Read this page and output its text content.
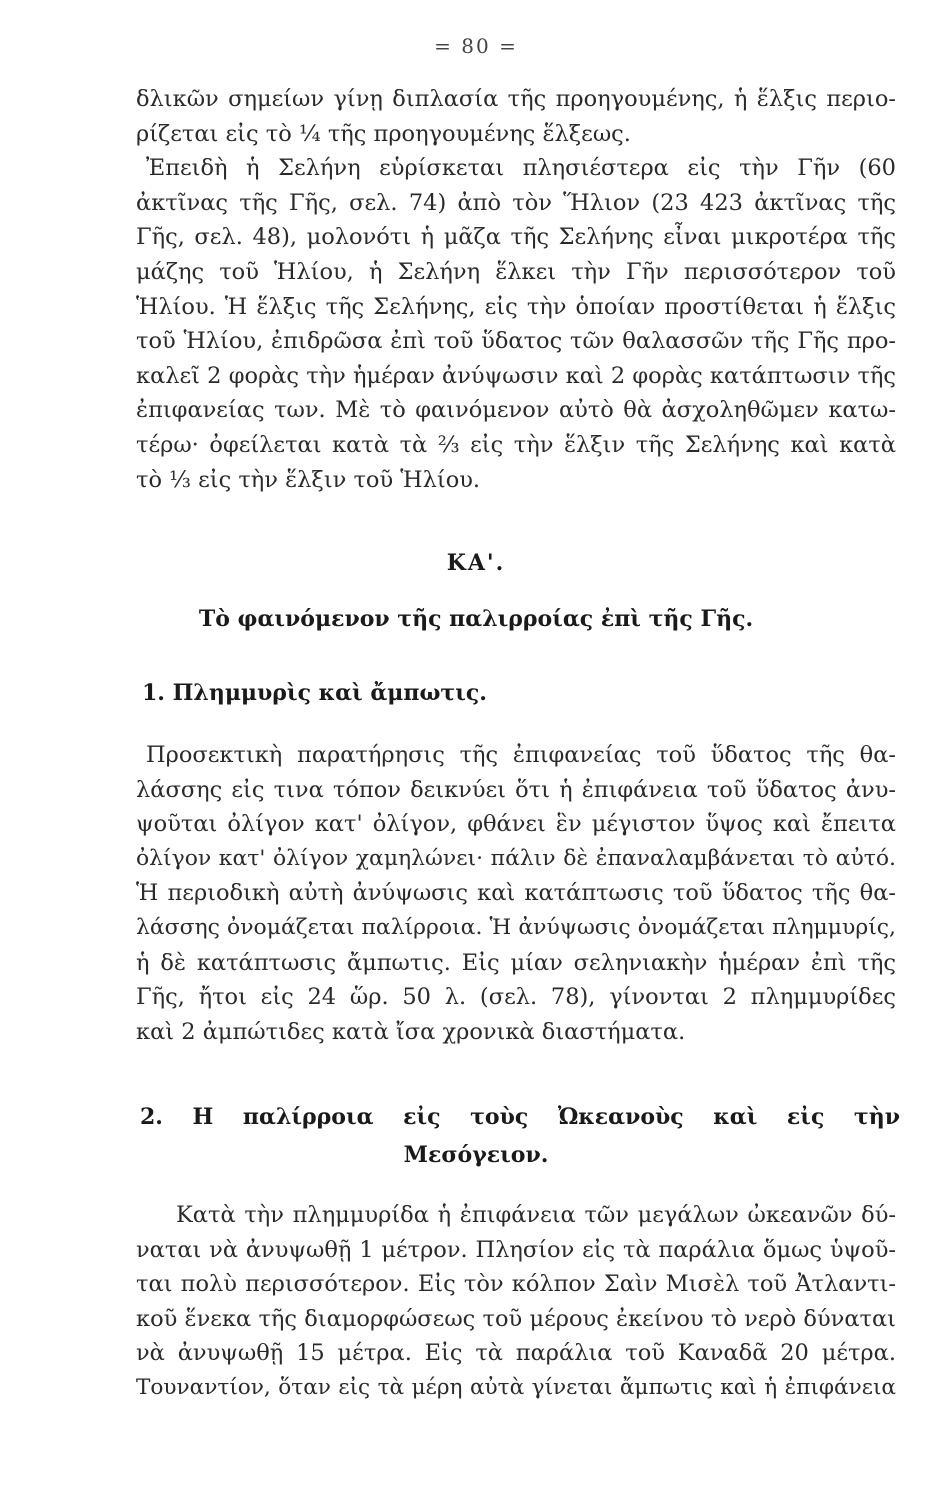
= 80 =
δλικῶν σημείων γίνῃ διπλασία τῆς προηγουμένης, ἡ ἕλξις περιο-
ρίζεται εἰς τὸ ¼ τῆς προηγουμένης ἕλξεως.
Ἐπειδὴ ἡ Σελήνη εὑρίσκεται πλησιέστερα εἰς τὴν Γῆν (60
ἀκτῖνας τῆς Γῆς, σελ. 74) ἀπὸ τὸν Ἥλιον (23 423 ἀκτῖνας τῆς
Γῆς, σελ. 48), μολονότι ἡ μᾶζα τῆς Σελήνης εἶναι μικροτέρα τῆς
μάζης τοῦ Ἡλίου, ἡ Σελήνη ἕλκει τὴν Γῆν περισσότερον τοῦ
Ἡλίου. Ἡ ἕλξις τῆς Σελήνης, εἰς τὴν ὁποίαν προστίθεται ἡ ἕλξις
τοῦ Ἡλίου, ἐπιδρῶσα ἐπὶ τοῦ ὕδατος τῶν θαλασσῶν τῆς Γῆς προ-
καλεῖ 2 φορὰς τὴν ἡμέραν ἀνύψωσιν καὶ 2 φορὰς κατάπτωσιν τῆς
ἐπιφανείας των. Μὲ τὸ φαινόμενον αὐτὸ θὰ ἀσχοληθῶμεν κατω-
τέρω· ὀφείλεται κατὰ τὰ ⅔ εἰς τὴν ἕλξιν τῆς Σελήνης καὶ κατὰ
τὸ ⅓ εἰς τὴν ἕλξιν τοῦ Ἡλίου.
ΚΑ'.
Τὸ φαινόμενον τῆς παλιρροίας ἐπὶ τῆς Γῆς.
1. Πλημμυρὶς καὶ ἄμπωτις.
Προσεκτικὴ παρατήρησις τῆς ἐπιφανείας τοῦ ὕδατος τῆς θα-
λάσσης εἰς τινα τόπον δεικνύει ὅτι ἡ ἐπιφάνεια τοῦ ὕδατος ἀνυ-
ψοῦται ὀλίγον κατ' ὀλίγον, φθάνει ἓν μέγιστον ὕψος καὶ ἔπειτα
ὀλίγον κατ' ὀλίγον χαμηλώνει· πάλιν δὲ ἐπαναλαμβάνεται τὸ αὐτό.
Ἡ περιοδικὴ αὐτὴ ἀνύψωσις καὶ κατάπτωσις τοῦ ὕδατος τῆς θα-
λάσσης ὀνομάζεται παλίρροια. Ἡ ἀνύψωσις ὀνομάζεται πλημμυρίς,
ἡ δὲ κατάπτωσις ἄμπωτις. Εἰς μίαν σεληνιακὴν ἡμέραν ἐπὶ τῆς
Γῆς, ἤτοι εἰς 24 ὥρ. 50 λ. (σελ. 78), γίνονται 2 πλημμυρίδες
καὶ 2 ἀμπώτιδες κατὰ ἴσα χρονικὰ διαστήματα.
2. Η παλίρροια εἰς τοὺς Ὠκεανοὺς καὶ εἰς τὴν
Μεσόγειον.
Κατὰ τὴν πλημμυρίδα ἡ ἐπιφάνεια τῶν μεγάλων ὠκεανῶν δύ-
ναται νὰ ἀνυψωθῇ 1 μέτρον. Πλησίον εἰς τὰ παράλια ὅμως ὑψοῦ-
ται πολὺ περισσότερον. Εἰς τὸν κόλπον Σαὶν Μισὲλ τοῦ Ἀτλαντι-
κοῦ ἕνεκα τῆς διαμορφώσεως τοῦ μέρους ἐκείνου τὸ νερὸ δύναται
νὰ ἀνυψωθῇ 15 μέτρα. Εἰς τὰ παράλια τοῦ Καναδᾶ 20 μέτρα.
Τουναντίον, ὅταν εἰς τὰ μέρη αὐτὰ γίνεται ἄμπωτις καὶ ἡ ἐπιφάνεια
